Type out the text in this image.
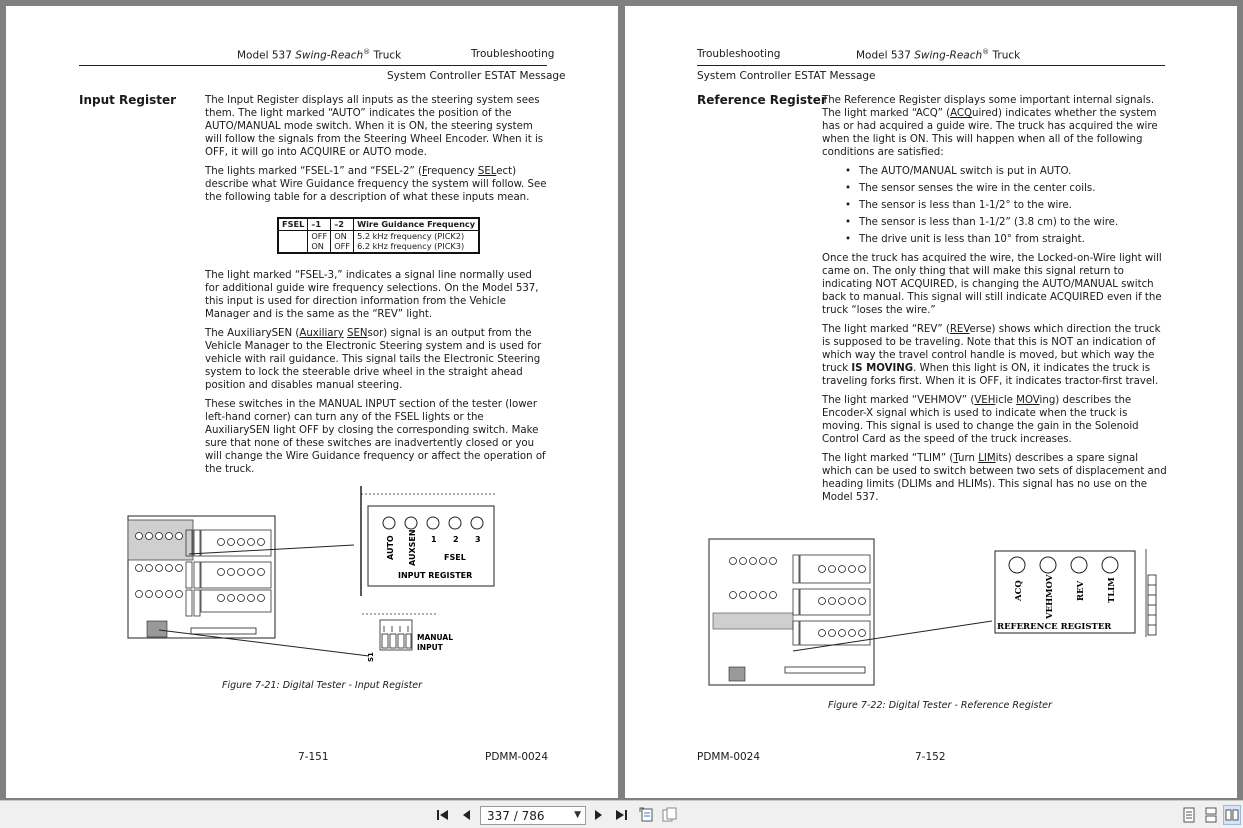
Model 537 Swing-Reach® Truck	Troubleshooting
System Controller ESTAT Message
Input Register	The Input Register displays all inputs as the steering system sees them. The light marked “AUTO” indicates the position of the AUTO/MANUAL mode switch. When it is ON, the steering system will follow the signals from the Steering Wheel Encoder. When it is OFF, it will go into ACQUIRE or AUTO mode.

The lights marked “FSEL-1” and “FSEL-2” (Frequency SELect) describe what Wire Guidance frequency the system will follow. See the following table for a description of what these inputs mean.

FSEL	–1	–2	Wire Guidance Frequency
	OFF	ON	5.2 kHz frequency (PICK2)
	ON	OFF	6.2 kHz frequency (PICK3)

The light marked “FSEL-3,” indicates a signal line normally used for additional guide wire frequency selections. On the Model 537, this input is used for direction information from the Vehicle Manager and is the same as the “REV” light.

The AuxiliarySEN (Auxiliary SENsor) signal is an output from the Vehicle Manager to the Electronic Steering system and is used for vehicle with rail guidance. This signal tails the Electronic Steering system to lock the steerable drive wheel in the straight ahead position and disables manual steering.

These switches in the MANUAL INPUT section of the tester (lower left-hand corner) can turn any of the FSEL lights or the AuxiliarySEN light OFF by closing the corresponding switch. Make sure that none of these switches are inadvertently closed or you will change the Wire Guidance frequency or affect the operation of the truck.

AUTO AUXSEN 1 2 3
FSEL
INPUT REGISTER
MANUAL
INPUT
S1
Figure 7-21: Digital Tester - Input Register
7-151	PDMM-0024
Troubleshooting	Model 537 Swing-Reach® Truck
System Controller ESTAT Message
Reference Register

The Reference Register displays some important internal signals. The light marked “ACQ” (ACQuired) indicates whether the system has or had acquired a guide wire. The truck has acquired the wire when the light is ON. This will happen when all of the following conditions are satisfied:

• The AUTO/MANUAL switch is put in AUTO.
• The sensor senses the wire in the center coils.
• The sensor is less than 1-1/2° to the wire.
• The sensor is less than 1-1/2” (3.8 cm) to the wire.
• The drive unit is less than 10° from straight.

Once the truck has acquired the wire, the Locked-on-Wire light will came on. The only thing that will make this signal return to indicating NOT ACQUIRED, is changing the AUTO/MANUAL switch back to manual. This signal will still indicate ACQUIRED even if the truck “loses the wire.”

The light marked “REV” (REVerse) shows which direction the truck is supposed to be traveling. Note that this is NOT an indication of which way the travel control handle is moved, but which way the truck IS MOVING. When this light is ON, it indicates the truck is traveling forks first. When it is OFF, it indicates tractor-first travel.

The light marked “VEHMOV” (VEHicle MOVing) describes the Encoder-X signal which is used to indicate when the truck is moving. This signal is used to change the gain in the Solenoid Control Card as the speed of the truck increases.

The light marked “TLIM” (Turn LIMits) describes a spare signal which can be used to switch between two sets of displacement and heading limits (DLIMs and HLIMs). This signal has no use on the Model 537.

ACQ VEHMOV REV TLIM
REFERENCE REGISTER
Figure 7-22: Digital Tester - Reference Register
PDMM-0024	7-152
337 / 786	▼
